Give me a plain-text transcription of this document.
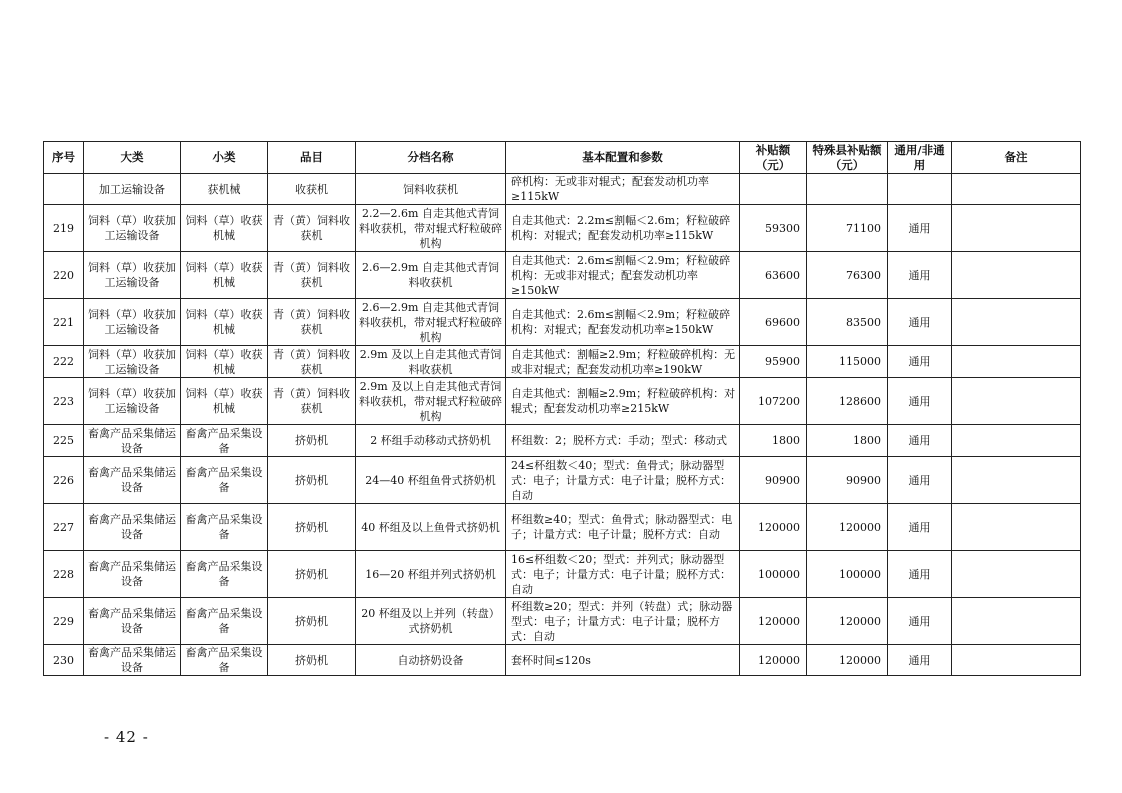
序号	大类	小类	品目	分档名称	基本配置和参数	补贴额（元）	特殊县补贴额（元）	通用/非通用	备注
	加工运输设备	获机械	收获机	饲料收获机	碎机构：无或非对辊式；配套发动机功率≥115kW				
219	饲料（草）收获加工运输设备	饲料（草）收获机械	青（黄）饲料收获机	2.2—2.6m 自走其他式青饲料收获机，带对辊式籽粒破碎机构	自走其他式：2.2m≤割幅＜2.6m；籽粒破碎机构：对辊式；配套发动机功率≥115kW	59300	71100	通用	
220	饲料（草）收获加工运输设备	饲料（草）收获机械	青（黄）饲料收获机	2.6—2.9m 自走其他式青饲料收获机	自走其他式：2.6m≤割幅＜2.9m；籽粒破碎机构：无或非对辊式；配套发动机功率≥150kW	63600	76300	通用	
221	饲料（草）收获加工运输设备	饲料（草）收获机械	青（黄）饲料收获机	2.6—2.9m 自走其他式青饲料收获机，带对辊式籽粒破碎机构	自走其他式：2.6m≤割幅＜2.9m；籽粒破碎机构：对辊式；配套发动机功率≥150kW	69600	83500	通用	
222	饲料（草）收获加工运输设备	饲料（草）收获机械	青（黄）饲料收获机	2.9m 及以上自走其他式青饲料收获机	自走其他式：割幅≥2.9m；籽粒破碎机构：无或非对辊式；配套发动机功率≥190kW	95900	115000	通用	
223	饲料（草）收获加工运输设备	饲料（草）收获机械	青（黄）饲料收获机	2.9m 及以上自走其他式青饲料收获机，带对辊式籽粒破碎机构	自走其他式：割幅≥2.9m；籽粒破碎机构：对辊式；配套发动机功率≥215kW	107200	128600	通用	
225	畜禽产品采集储运设备	畜禽产品采集设备	挤奶机	2 杯组手动移动式挤奶机	杯组数：2；脱杯方式：手动；型式：移动式	1800	1800	通用	
226	畜禽产品采集储运设备	畜禽产品采集设备	挤奶机	24—40 杯组鱼骨式挤奶机	24≤杯组数＜40；型式：鱼骨式；脉动器型式：电子；计量方式：电子计量；脱杯方式：自动	90900	90900	通用	
227	畜禽产品采集储运设备	畜禽产品采集设备	挤奶机	40 杯组及以上鱼骨式挤奶机	杯组数≥40；型式：鱼骨式；脉动器型式：电子；计量方式：电子计量；脱杯方式：自动	120000	120000	通用	
228	畜禽产品采集储运设备	畜禽产品采集设备	挤奶机	16—20 杯组并列式挤奶机	16≤杯组数＜20；型式：并列式；脉动器型式：电子；计量方式：电子计量；脱杯方式：自动	100000	100000	通用	
229	畜禽产品采集储运设备	畜禽产品采集设备	挤奶机	20 杯组及以上并列（转盘）式挤奶机	杯组数≥20；型式：并列（转盘）式；脉动器型式：电子；计量方式：电子计量；脱杯方式：自动	120000	120000	通用	
230	畜禽产品采集储运设备	畜禽产品采集设备	挤奶机	自动挤奶设备	套杯时间≤120s	120000	120000	通用	
- 42 -
